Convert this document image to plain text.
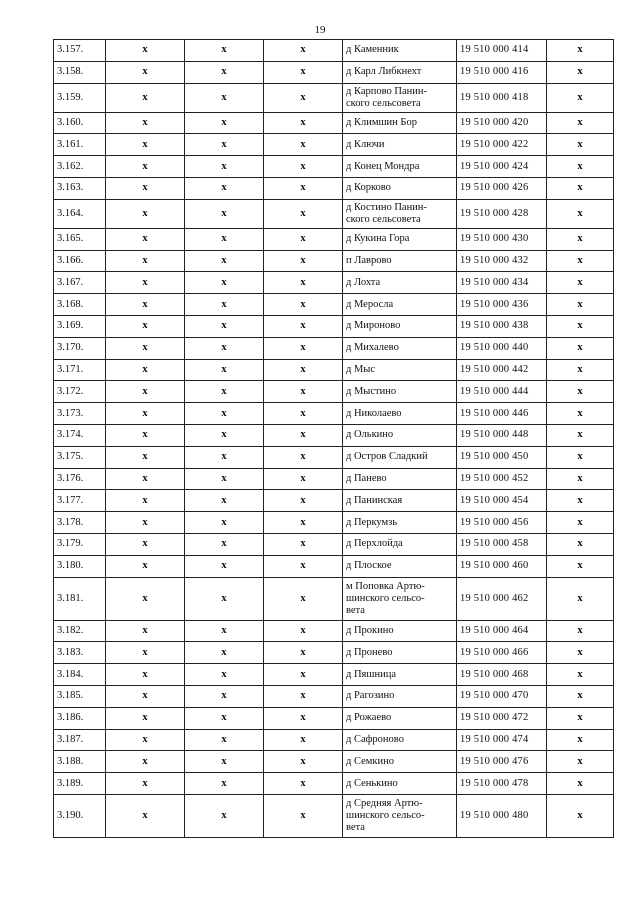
19
3.157.	x	x	x	д Каменник	19 510 000 414	x
3.158.	x	x	x	д Карл Либкнехт	19 510 000 416	x
3.159.	x	x	x	д Карпово Панин-
ского сельсовета	19 510 000 418	x
3.160.	x	x	x	д Климшин Бор	19 510 000 420	x
3.161.	x	x	x	д Ключи	19 510 000 422	x
3.162.	x	x	x	д Конец Мондра	19 510 000 424	x
3.163.	x	x	x	д Корково	19 510 000 426	x
3.164.	x	x	x	д Костино Панин-
ского сельсовета	19 510 000 428	x
3.165.	x	x	x	д Кукина Гора	19 510 000 430	x
3.166.	x	x	x	п Лаврово	19 510 000 432	x
3.167.	x	x	x	д Лохта	19 510 000 434	x
3.168.	x	x	x	д Меросла	19 510 000 436	x
3.169.	x	x	x	д Мироново	19 510 000 438	x
3.170.	x	x	x	д Михалево	19 510 000 440	x
3.171.	x	x	x	д Мыс	19 510 000 442	x
3.172.	x	x	x	д Мыстино	19 510 000 444	x
3.173.	x	x	x	д Николаево	19 510 000 446	x
3.174.	x	x	x	д Олькино	19 510 000 448	x
3.175.	x	x	x	д Остров Сладкий	19 510 000 450	x
3.176.	x	x	x	д Панево	19 510 000 452	x
3.177.	x	x	x	д Панинская	19 510 000 454	x
3.178.	x	x	x	д Перкумзь	19 510 000 456	x
3.179.	x	x	x	д Перхлойда	19 510 000 458	x
3.180.	x	x	x	д Плоское	19 510 000 460	x
3.181.	x	x	x	м Поповка Артю-
шинского сельсо-
вета	19 510 000 462	x
3.182.	x	x	x	д Прокино	19 510 000 464	x
3.183.	x	x	x	д Пронево	19 510 000 466	x
3.184.	x	x	x	д Пяшница	19 510 000 468	x
3.185.	x	x	x	д Рагозино	19 510 000 470	x
3.186.	x	x	x	д Рожаево	19 510 000 472	x
3.187.	x	x	x	д Сафроново	19 510 000 474	x
3.188.	x	x	x	д Семкино	19 510 000 476	x
3.189.	x	x	x	д Сенькино	19 510 000 478	x
3.190.	x	x	x	д Средняя Артю-
шинского сельсо-
вета	19 510 000 480	x
